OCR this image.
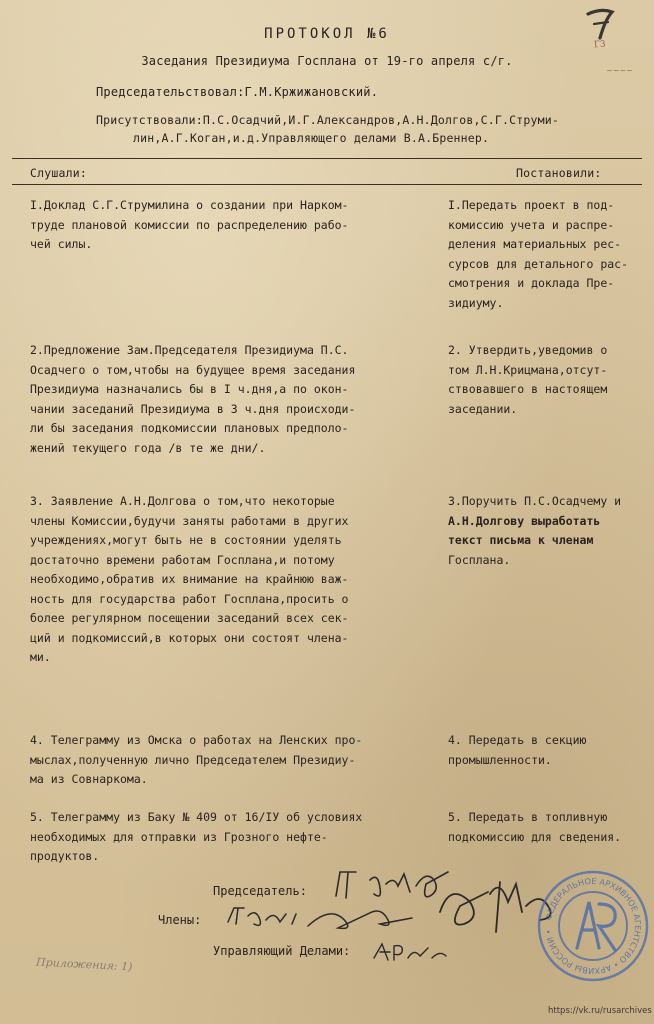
Г3
~~~~
ПРОТОКОЛ №6
Заседания Президиума Госплана от 19-го апреля с/г.
Председательствовал:Г.М.Кржижановский.
Присутствовали:П.С.Осадчий,И.Г.Александров,А.Н.Долгов,С.Г.Струми-
лин,А.Г.Коган,и.д.Управляющего делами В.А.Бреннер.
Слушали:	Постановили:
I.Доклад С.Г.Струмилина о создании при Нарком-
труде плановой комиссии по распределению рабо-
чей силы.
I.Передать проект в под-
комиссию учета и распре-
деления материальных рес-
сурсов для детального рас-
смотрения и доклада Пре-
зидиуму.
2.Предложение Зам.Председателя Президиума П.С.
Осадчего о том,чтобы на будущее время заседания
Президиума назначались бы в I ч.дня,а по окон-
чании заседаний Президиума в 3 ч.дня происходи-
ли бы заседания подкомиссии плановых предполо-
жений текущего года /в те же дни/.
2. Утвердить,уведомив о
том Л.Н.Крицмана,отсут-
ствовавшего в настоящем
заседании.
3. Заявление А.Н.Долгова о том,что некоторые
члены Комиссии,будучи заняты работами в других
учреждениях,могут быть не в состоянии уделять
достаточно времени работам Госплана,и потому
необходимо,обратив их внимание на крайнюю важ-
ность для государства работ Госплана,просить о
более регулярном посещении заседаний всех сек-
ций и подкомиссий,в которых они состоят члена-
ми.
3.Поручить П.С.Осадчему и
А.Н.Долгову выработать
текст письма к членам
Госплана.
4. Телеграмму из Омска о работах на Ленских про-
мыслах,полученную лично Председателем Президиу-
ма из Совнаркома.
4. Передать в секцию
промышленности.
5. Телеграмму из Баку № 409 от 16/IУ об условиях
необходимых для отправки из Грозного нефте-
продуктов.
5. Передать в топливную
подкомиссию для сведения.
Председатель:
Члены:
Управляющий Делами:
Приложения: 1)
ФЕДЕРАЛЬНОЕ АРХИВНОЕ АГЕНТСТВО • АРХИВЫ РОССИИ •
https://vk.ru/rusarchives
